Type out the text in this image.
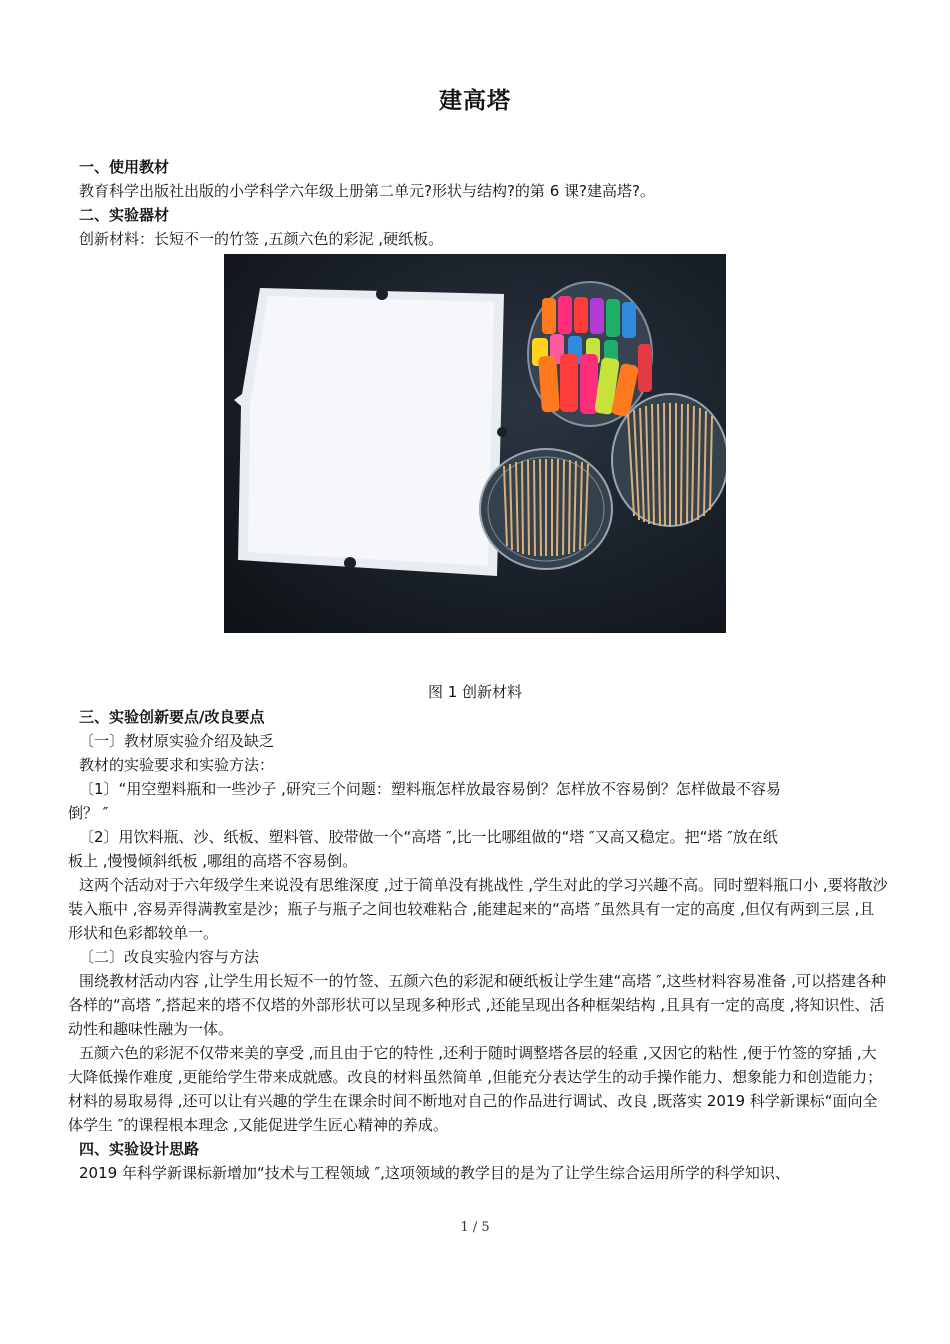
建高塔

一、使用教材

教育科学出版社出版的小学科学六年级上册第二单元?形状与结构?的第 6 课?建高塔?。

二、实验器材

创新材料：长短不一的竹签 ,五颜六色的彩泥 ,硬纸板。

图 1 创新材料

三、实验创新要点/改良要点

〔一〕教材原实验介绍及缺乏

教材的实验要求和实验方法：

〔1〕“用空塑料瓶和一些沙子 ,研究三个问题：塑料瓶怎样放最容易倒？怎样放不容易倒？怎样做最不容易

倒？ ″

〔2〕用饮料瓶、沙、纸板、塑料管、胶带做一个“高塔 ″,比一比哪组做的“塔 ″又高又稳定。把“塔 ″放在纸

板上 ,慢慢倾斜纸板 ,哪组的高塔不容易倒。

这两个活动对于六年级学生来说没有思维深度 ,过于简单没有挑战性 ,学生对此的学习兴趣不高。同时塑料瓶口小 ,要将散沙装入瓶中 ,容易弄得满教室是沙；瓶子与瓶子之间也较难粘合 ,能建起来的“高塔 ″虽然具有一定的高度 ,但仅有两到三层 ,且形状和色彩都较单一。

〔二〕改良实验内容与方法

围绕教材活动内容 ,让学生用长短不一的竹签、五颜六色的彩泥和硬纸板让学生建“高塔 ″,这些材料容易准备 ,可以搭建各种各样的“高塔 ″,搭起来的塔不仅塔的外部形状可以呈现多种形式 ,还能呈现出各种框架结构 ,且具有一定的高度 ,将知识性、活动性和趣味性融为一体。

五颜六色的彩泥不仅带来美的享受 ,而且由于它的特性 ,还利于随时调整塔各层的轻重 ,又因它的粘性 ,便于竹签的穿插 ,大大降低操作难度 ,更能给学生带来成就感。改良的材料虽然简单 ,但能充分表达学生的动手操作能力、想象能力和创造能力；材料的易取易得 ,还可以让有兴趣的学生在课余时间不断地对自己的作品进行调试、改良 ,既落实 2019 科学新课标“面向全体学生 ″的课程根本理念 ,又能促进学生匠心精神的养成。

四、实验设计思路

2019 年科学新课标新增加“技术与工程领域 ″,这项领域的教学目的是为了让学生综合运用所学的科学知识、

1 / 5
